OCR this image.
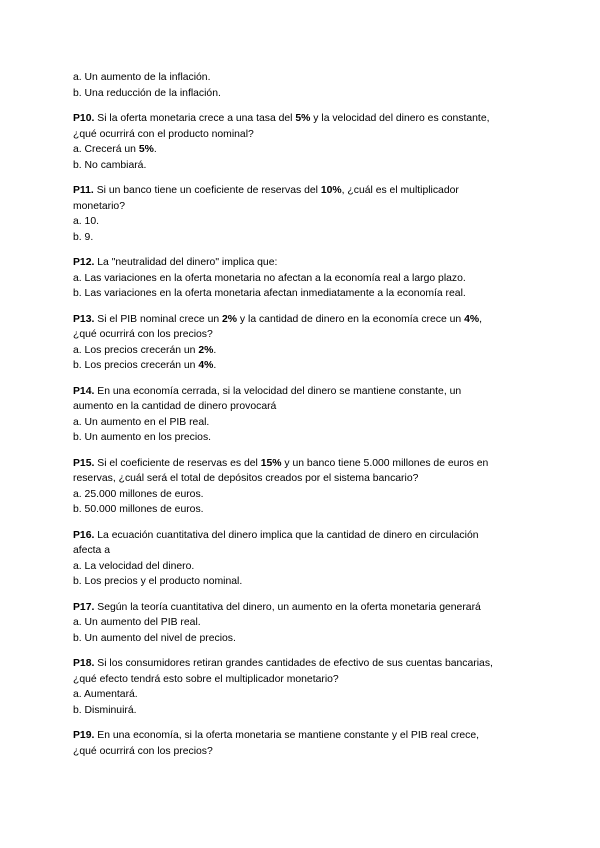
a. Un aumento de la inflación.
b. Una reducción de la inflación.
P10. Si la oferta monetaria crece a una tasa del 5% y la velocidad del dinero es constante,
¿qué ocurrirá con el producto nominal?
a. Crecerá un 5%.
b. No cambiará.
P11. Si un banco tiene un coeficiente de reservas del 10%, ¿cuál es el multiplicador
monetario?
a. 10.
b. 9.
P12. La "neutralidad del dinero" implica que:
a. Las variaciones en la oferta monetaria no afectan a la economía real a largo plazo.
b. Las variaciones en la oferta monetaria afectan inmediatamente a la economía real.
P13. Si el PIB nominal crece un 2% y la cantidad de dinero en la economía crece un 4%,
¿qué ocurrirá con los precios?
a. Los precios crecerán un 2%.
b. Los precios crecerán un 4%.
P14. En una economía cerrada, si la velocidad del dinero se mantiene constante, un
aumento en la cantidad de dinero provocará
a. Un aumento en el PIB real.
b. Un aumento en los precios.
P15. Si el coeficiente de reservas es del 15% y un banco tiene 5.000 millones de euros en
reservas, ¿cuál será el total de depósitos creados por el sistema bancario?
a. 25.000 millones de euros.
b. 50.000 millones de euros.
P16. La ecuación cuantitativa del dinero implica que la cantidad de dinero en circulación
afecta a
a. La velocidad del dinero.
b. Los precios y el producto nominal.
P17. Según la teoría cuantitativa del dinero, un aumento en la oferta monetaria generará
a. Un aumento del PIB real.
b. Un aumento del nivel de precios.
P18. Si los consumidores retiran grandes cantidades de efectivo de sus cuentas bancarias,
¿qué efecto tendrá esto sobre el multiplicador monetario?
a. Aumentará.
b. Disminuirá.
P19. En una economía, si la oferta monetaria se mantiene constante y el PIB real crece,
¿qué ocurrirá con los precios?
